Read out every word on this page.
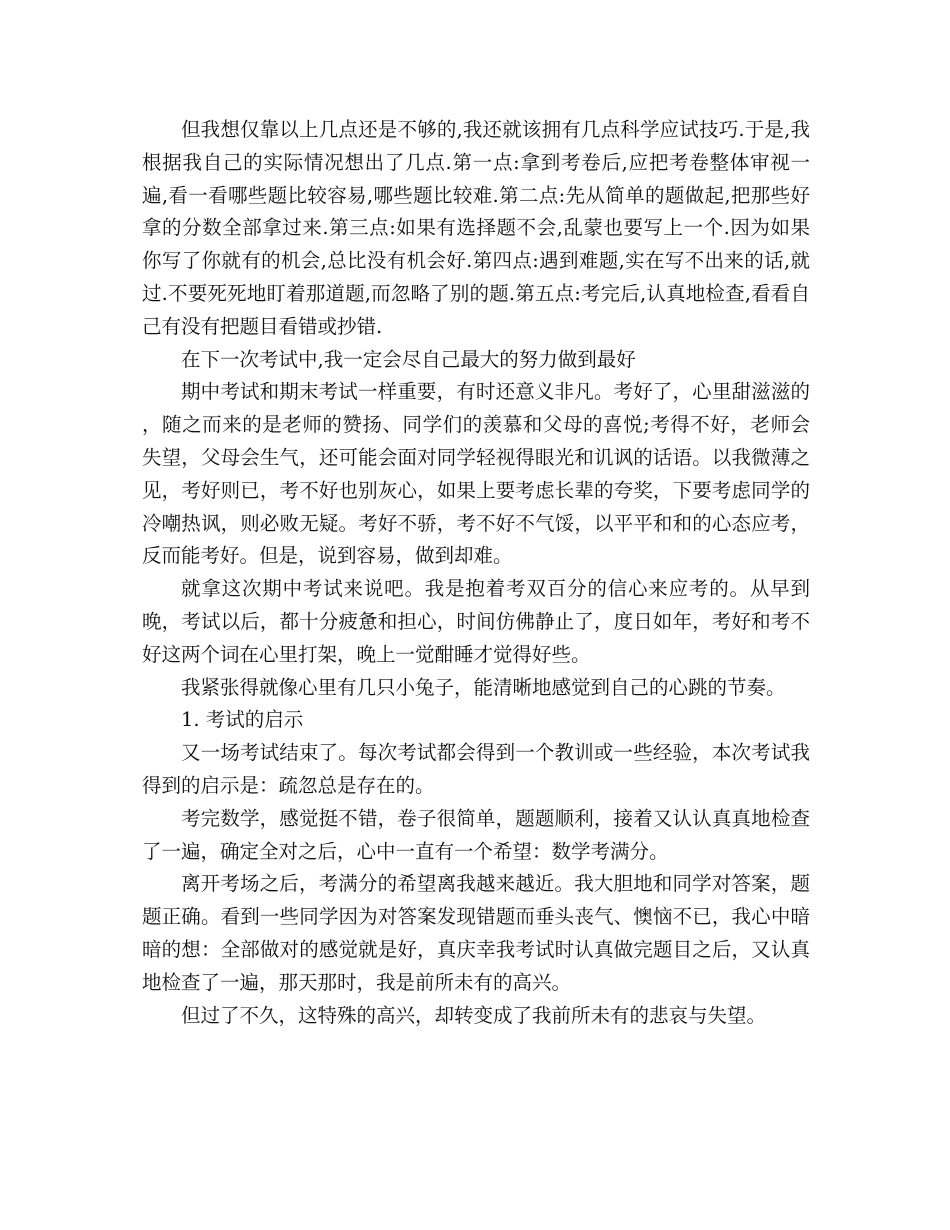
但我想仅靠以上几点还是不够的,我还就该拥有几点科学应试技巧.于是,我根据我自己的实际情况想出了几点.第一点:拿到考卷后,应把考卷整体审视一遍,看一看哪些题比较容易,哪些题比较难.第二点:先从简单的题做起,把那些好拿的分数全部拿过来.第三点:如果有选择题不会,乱蒙也要写上一个.因为如果你写了你就有的机会,总比没有机会好.第四点:遇到难题,实在写不出来的话,就过.不要死死地盯着那道题,而忽略了别的题.第五点:考完后,认真地检查,看看自己有没有把题目看错或抄错.

在下一次考试中,我一定会尽自己最大的努力做到最好

期中考试和期末考试一样重要，有时还意义非凡。考好了，心里甜滋滋的 ，随之而来的是老师的赞扬、同学们的羡慕和父母的喜悦;考得不好，老师会失望，父母会生气，还可能会面对同学轻视得眼光和讥讽的话语。以我微薄之见，考好则已，考不好也别灰心，如果上要考虑长辈的夸奖，下要考虑同学的冷嘲热讽，则必败无疑。考好不骄，考不好不气馁，以平平和和的心态应考，反而能考好。但是，说到容易，做到却难。

就拿这次期中考试来说吧。我是抱着考双百分的信心来应考的。从早到晚，考试以后，都十分疲惫和担心，时间仿佛静止了，度日如年，考好和考不好这两个词在心里打架，晚上一觉酣睡才觉得好些。

我紧张得就像心里有几只小兔子，能清晰地感觉到自己的心跳的节奏。

1. 考试的启示

又一场考试结束了。每次考试都会得到一个教训或一些经验，本次考试我得到的启示是：疏忽总是存在的。

考完数学，感觉挺不错，卷子很简单，题题顺利，接着又认认真真地检查了一遍，确定全对之后，心中一直有一个希望：数学考满分。

离开考场之后，考满分的希望离我越来越近。我大胆地和同学对答案，题题正确。看到一些同学因为对答案发现错题而垂头丧气、懊恼不已，我心中暗暗的想：全部做对的感觉就是好，真庆幸我考试时认真做完题目之后，又认真地检查了一遍，那天那时，我是前所未有的高兴。

但过了不久，这特殊的高兴，却转变成了我前所未有的悲哀与失望。
